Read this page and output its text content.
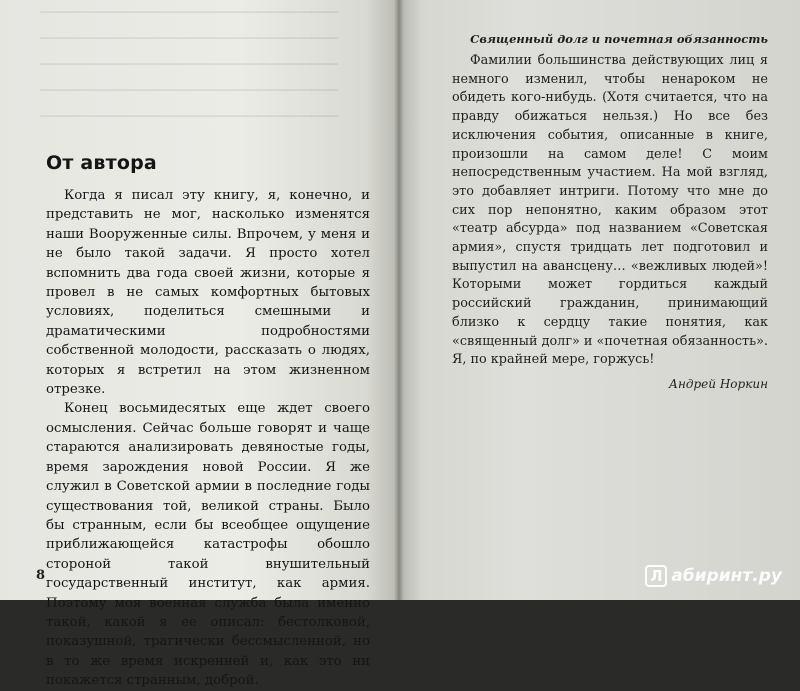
━━━━━━━━━━━━━━━━━━━━━━━━━━━━━━━━━━━━━━━━━━━━━
━━━━━━━━━━━━━━━━━━━━━━━━━━━━━━━━━━━━━━━━━━━━━
━━━━━━━━━━━━━━━━━━━━━━━━━━━━━━━━━━━━━━━━━━━━━
━━━━━━━━━━━━━━━━━━━━━━━━━━━━━━━━━━━━━━━━━━━━━
━━━━━━━━━━━━━━━━━━━━━━━━━━━━━━━━━━━━━━━━━━━━━
От автора

Когда я писал эту книгу, я, конечно, и представить не мог, насколько изменятся наши Вооруженные силы. Впрочем, у меня и не было такой задачи. Я просто хотел вспомнить два года своей жизни, которые я провел в не самых комфортных бытовых условиях, поделиться смешными и драматическими подробностями собственной молодости, рассказать о людях, которых я встретил на этом жизненном отрезке.

Конец восьмидесятых еще ждет своего осмысления. Сейчас больше говорят и чаще стараются анализировать девяностые годы, время зарождения новой России. Я же служил в Советской армии в последние годы существования той, великой страны. Было бы странным, если бы всеобщее ощущение приближающейся катастрофы обошло стороной такой внушительный государственный институт, как армия. Поэтому моя военная служба была именно такой, какой я ее описал: бестолковой, показушной, трагически бессмысленной, но в то же время искренней и, как это ни покажется странным, доброй.

8
Священный долг и почетная обязанность

Фамилии большинства действующих лиц я немного изменил, чтобы ненароком не обидеть кого-нибудь. (Хотя считается, что на правду обижаться нельзя.) Но все без исключения события, описанные в книге, произошли на самом деле! С моим непосредственным участием. На мой взгляд, это добавляет интриги. Потому что мне до сих пор непонятно, каким образом этот «театр абсурда» под названием «Советская армия», спустя тридцать лет подготовил и выпустил на авансцену… «вежливых людей»! Которыми может гордиться каждый российский гражданин, принимающий близко к сердцу такие понятия, как «священный долг» и «почетная обязанность». Я, по крайней мере, горжусь!

Андрей Норкин
Л абиринт.ру
